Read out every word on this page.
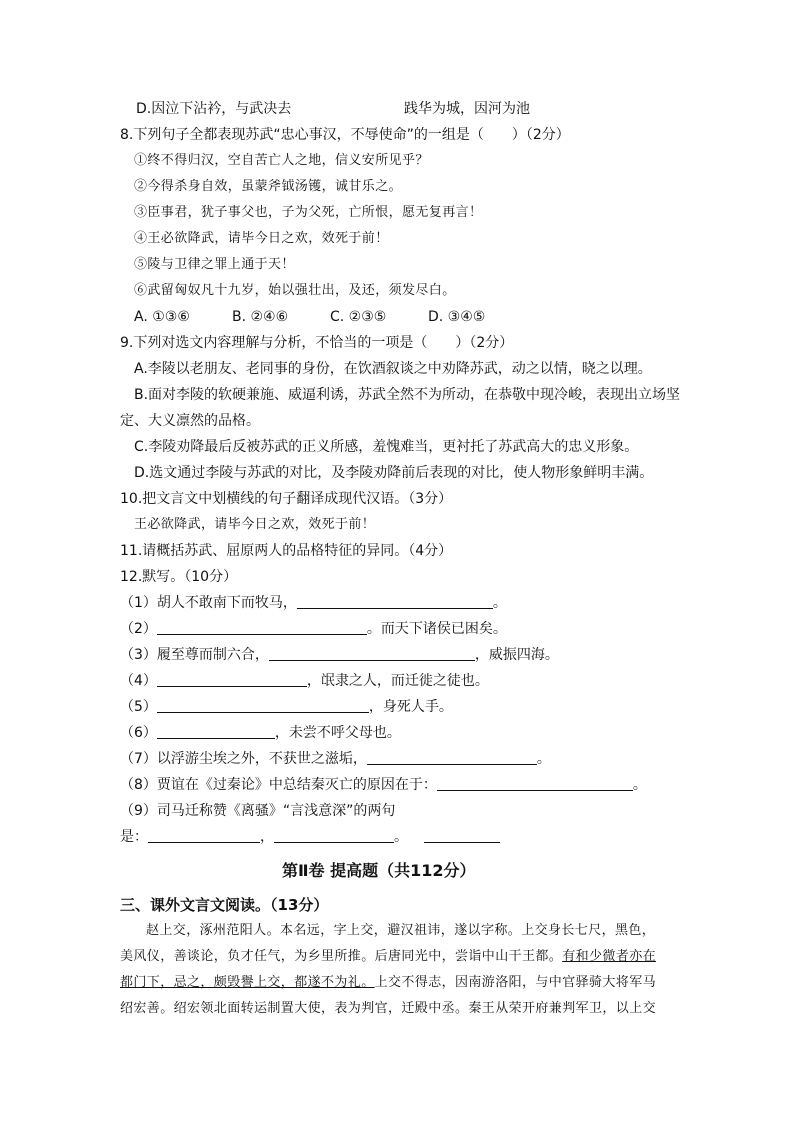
D.因泣下沾衿，与武决去	践华为城，因河为池
8.下列句子全都表现苏武“忠心事汉，不辱使命”的一组是（　　）（2分）
①终不得归汉，空自苦亡人之地，信义安所见乎？
②今得杀身自效，虽蒙斧钺汤镬，诚甘乐之。
③臣事君，犹子事父也，子为父死，亡所恨，愿无复再言！
④王必欲降武，请毕今日之欢，效死于前！
⑤陵与卫律之罪上通于天！
⑥武留匈奴凡十九岁，始以强壮出，及还，须发尽白。
A. ①③⑥	B. ②④⑥	C. ②③⑤	D. ③④⑤
9.下列对选文内容理解与分析，不恰当的一项是（　　）（2分）
A.李陵以老朋友、老同事的身份，在饮酒叙谈之中劝降苏武，动之以情，晓之以理。
B.面对李陵的软硬兼施、威逼利诱，苏武全然不为所动，在恭敬中现冷峻，表现出立场坚
定、大义凛然的品格。
C.李陵劝降最后反被苏武的正义所感，羞愧难当，更衬托了苏武高大的忠义形象。
D.选文通过李陵与苏武的对比，及李陵劝降前后表现的对比，使人物形象鲜明丰满。
10.把文言文中划横线的句子翻译成现代汉语。（3分）
王必欲降武，请毕今日之欢，效死于前！
11.请概括苏武、屈原两人的品格特征的异同。（4分）
12.默写。（10分）
（1）胡人不敢南下而牧马，	。
（2）	。而天下诸侯已困矣。
（3）履至尊而制六合，	，威振四海。
（4）	，氓隶之人，而迁徙之徒也。
（5）	，身死人手。
（6）	，未尝不呼父母也。
（7）以浮游尘埃之外，不获世之滋垢，	。
（8）贾谊在《过秦论》中总结秦灭亡的原因在于：	。
（9）司马迁称赞《离骚》“言浅意深”的两句
是：	，	。
第Ⅱ卷 提高题（共112分）
三、课外文言文阅读。（13分）
赵上交，涿州范阳人。本名远，字上交，避汉祖讳，遂以字称。上交身长七尺，黑色，
美风仪，善谈论，负才任气，为乡里所推。后唐同光中，尝诣中山干王都。有和少微者亦在
都门下，忌之，颇毁譽上交，都遂不为礼。上交不得志，因南游洛阳，与中官驿骑大将军马
绍宏善。绍宏领北面转运制置大使，表为判官，迁殿中丞。秦王从荣开府兼判军卫，以上交
